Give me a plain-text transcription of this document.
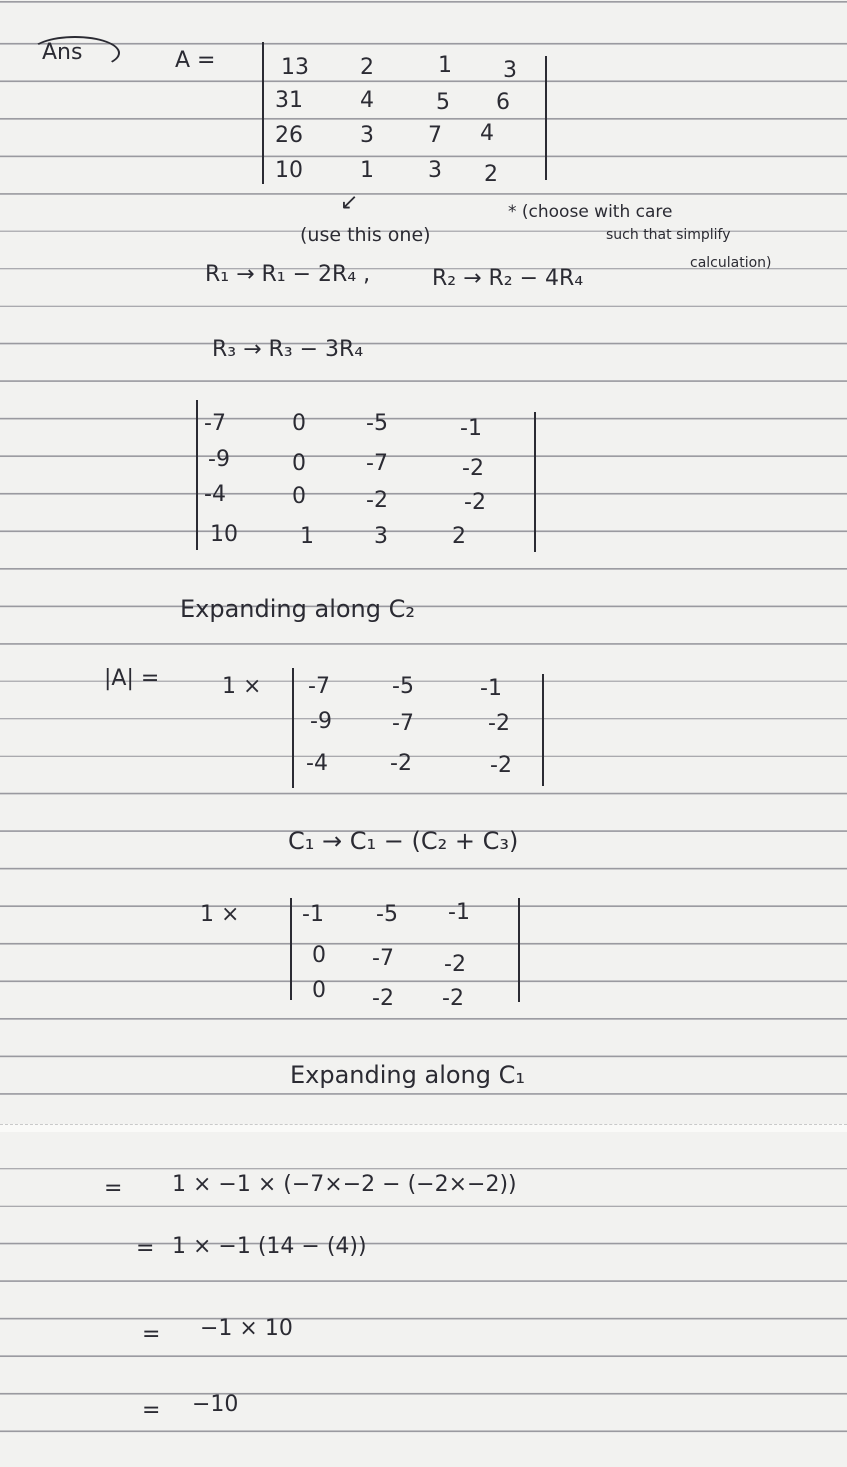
Ans	A =	13 2	1 3
31	4	5 6
26	3 7 4
10	1 3 2
↙
(use this one)
* (choose with care
such that simplify
calculation)
R₁ → R₁ − 2R₄ ,	R₂ → R₂ − 4R₄
R₃ → R₃ − 3R₄
-7	0	-5	-1
-9	0	-7	-2
-4	0	-2	-2
10	1	3	2
Expanding along C₂
|A| =	1 × -7	-5	-1
-9	-7	-2
-4	-2	-2
C₁ → C₁ − (C₂ + C₃)
1 ×	-1 -5 -1
0 -7 -2
0 -2 -2
Expanding along C₁
= 1 × −1 × (−7×−2 − (−2×−2))
= 1 × −1 (14 − (4))
= −1 × 10
= −10
